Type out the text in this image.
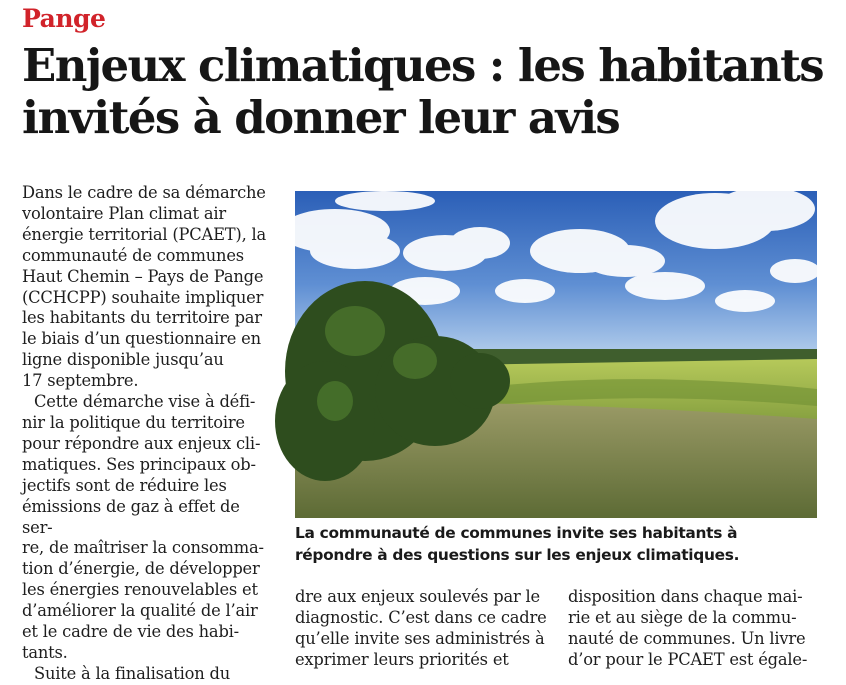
Pange
Enjeux climatiques : les habitants
invités à donner leur avis

Dans le cadre de sa démarche

volontaire Plan climat air

énergie territorial (PCAET), la

communauté de communes

Haut Chemin – Pays de Pange

(CCHCPP) souhaite impliquer

les habitants du territoire par

le biais d’un questionnaire en

ligne disponible jusqu’au

17 septembre.

Cette démarche vise à défi-

nir la politique du territoire

pour répondre aux enjeux cli-

matiques. Ses principaux ob-

jectifs sont de réduire les

émissions de gaz à effet de ser-

re, de maîtriser la consomma-

tion d’énergie, de développer

les énergies renouvelables et

d’améliorer la qualité de l’air

et le cadre de vie des habi-

tants.

Suite à la finalisation du

La communauté de communes invite ses habitants à
répondre à des questions sur les enjeux climatiques.

dre aux enjeux soulevés par le

diagnostic. C’est dans ce cadre

qu’elle invite ses administrés à

exprimer leurs priorités et

disposition dans chaque mai-

rie et au siège de la commu-

nauté de communes. Un livre

d’or pour le PCAET est égale-
